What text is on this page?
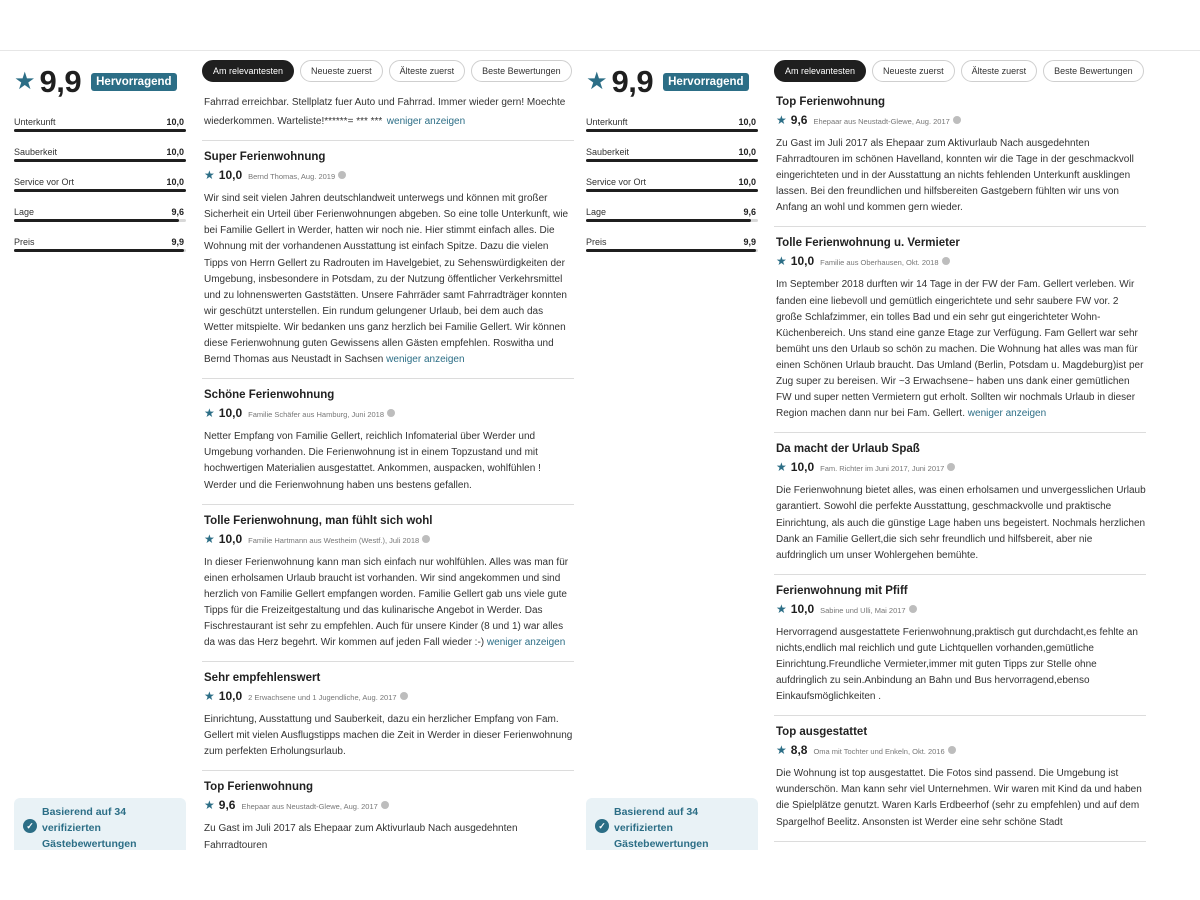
★ 9,9	Hervorragend
Unterkunft	10,0
Sauberkeit	10,0
Service vor Ort	10,0
Lage	9,6
Preis	9,9
✓
Basierend auf 34
verifizierten
Gästebewertungen
Am relevantesten	Neueste zuerst	Älteste zuerst	Beste Bewertungen
Fahrrad erreichbar. Stellplatz fuer Auto und Fahrrad. Immer wieder gern! Moechte wiederkommen. Warteliste!******= *** *** weniger anzeigen
Super Ferienwohnung
★ 10,0 Bernd Thomas, Aug. 2019
Wir sind seit vielen Jahren deutschlandweit unterwegs und können mit großer Sicherheit ein Urteil über Ferienwohnungen abgeben. So eine tolle Unterkunft, wie bei Familie Gellert in Werder, hatten wir noch nie. Hier stimmt einfach alles. Die Wohnung mit der vorhandenen Ausstattung ist einfach Spitze. Dazu die vielen Tipps von Herrn Gellert zu Radrouten im Havelgebiet, zu Sehenswürdigkeiten der Umgebung, insbesondere in Potsdam, zu der Nutzung öffentlicher Verkehrsmittel und zu lohnenswerten Gaststätten. Unsere Fahrräder samt Fahrradträger konnten wir geschützt unterstellen. Ein rundum gelungener Urlaub, bei dem auch das Wetter mitspielte. Wir bedanken uns ganz herzlich bei Familie Gellert. Wir können diese Ferienwohnung guten Gewissens allen Gästen empfehlen. Roswitha und Bernd Thomas aus Neustadt in Sachsen weniger anzeigen
Schöne Ferienwohnung
★ 10,0 Familie Schäfer aus Hamburg, Juni 2018
Netter Empfang von Familie Gellert, reichlich Infomaterial über Werder und Umgebung vorhanden. Die Ferienwohnung ist in einem Topzustand und mit hochwertigen Materialien ausgestattet. Ankommen, auspacken, wohlfühlen ! Werder und die Ferienwohnung haben uns bestens gefallen.
Tolle Ferienwohnung, man fühlt sich wohl
★ 10,0 Familie Hartmann aus Westheim (Westf.), Juli 2018
In dieser Ferienwohnung kann man sich einfach nur wohlfühlen. Alles was man für einen erholsamen Urlaub braucht ist vorhanden. Wir sind angekommen und sind herzlich von Familie Gellert empfangen worden. Familie Gellert gab uns viele gute Tipps für die Freizeitgestaltung und das kulinarische Angebot in Werder. Das Fischrestaurant ist sehr zu empfehlen. Auch für unsere Kinder (8 und 1) war alles da was das Herz begehrt. Wir kommen auf jeden Fall wieder :-) weniger anzeigen
Sehr empfehlenswert
★ 10,0 2 Erwachsene und 1 Jugendliche, Aug. 2017
Einrichtung, Ausstattung und Sauberkeit, dazu ein herzlicher Empfang von Fam. Gellert mit vielen Ausflugstipps machen die Zeit in Werder in dieser Ferienwohnung zum perfekten Erholungsurlaub.
Top Ferienwohnung
★ 9,6 Ehepaar aus Neustadt-Glewe, Aug. 2017
Zu Gast im Juli 2017 als Ehepaar zum Aktivurlaub Nach ausgedehnten Fahrradtouren
★ 9,9	Hervorragend
Unterkunft	10,0
Sauberkeit	10,0
Service vor Ort	10,0
Lage	9,6
Preis	9,9
✓
Basierend auf 34
verifizierten
Gästebewertungen
Am relevantesten	Neueste zuerst	Älteste zuerst	Beste Bewertungen
Top Ferienwohnung
★ 9,6 Ehepaar aus Neustadt-Glewe, Aug. 2017
Zu Gast im Juli 2017 als Ehepaar zum Aktivurlaub Nach ausgedehnten Fahrradtouren im schönen Havelland, konnten wir die Tage in der geschmackvoll eingerichteten und in der Ausstattung an nichts fehlenden Unterkunft ausklingen lassen. Bei den freundlichen und hilfsbereiten Gastgebern fühlten wir uns von Anfang an wohl und kommen gern wieder.
Tolle Ferienwohnung u. Vermieter
★ 10,0 Familie aus Oberhausen, Okt. 2018
Im September 2018 durften wir 14 Tage in der FW der Fam. Gellert verleben. Wir fanden eine liebevoll und gemütlich eingerichtete und sehr saubere FW vor. 2 große Schlafzimmer, ein tolles Bad und ein sehr gut eingerichteter Wohn-Küchenbereich. Uns stand eine ganze Etage zur Verfügung. Fam Gellert war sehr bemüht uns den Urlaub so schön zu machen. Die Wohnung hat alles was man für einen Schönen Urlaub braucht. Das Umland (Berlin, Potsdam u. Magdeburg)ist per Zug super zu bereisen. Wir ~3 Erwachsene~ haben uns dank einer gemütlichen FW und super netten Vermietern gut erholt. Sollten wir nochmals Urlaub in dieser Region machen dann nur bei Fam. Gellert. weniger anzeigen
Da macht der Urlaub Spaß
★ 10,0 Fam. Richter im Juni 2017, Juni 2017
Die Ferienwohnung bietet alles, was einen erholsamen und unvergesslichen Urlaub garantiert. Sowohl die perfekte Ausstattung, geschmackvolle und praktische Einrichtung, als auch die günstige Lage haben uns begeistert. Nochmals herzlichen Dank an Familie Gellert,die sich sehr freundlich und hilfsbereit, aber nie aufdringlich um unser Wohlergehen bemühte.
Ferienwohnung mit Pfiff
★ 10,0 Sabine und Ulli, Mai 2017
Hervorragend ausgestattete Ferienwohnung,praktisch gut durchdacht,es fehlte an nichts,endlich mal reichlich und gute Lichtquellen vorhanden,gemütliche Einrichtung.Freundliche Vermieter,immer mit guten Tipps zur Stelle ohne aufdringlich zu sein.Anbindung an Bahn und Bus hervorragend,ebenso Einkaufsmöglichkeiten .
Top ausgestattet
★ 8,8 Oma mit Tochter und Enkeln, Okt. 2016
Die Wohnung ist top ausgestattet. Die Fotos sind passend. Die Umgebung ist wunderschön. Man kann sehr viel Unternehmen. Wir waren mit Kind da und haben die Spielplätze genutzt. Waren Karls Erdbeerhof (sehr zu empfehlen) und auf dem Spargelhof Beelitz. Ansonsten ist Werder eine sehr schöne Stadt
